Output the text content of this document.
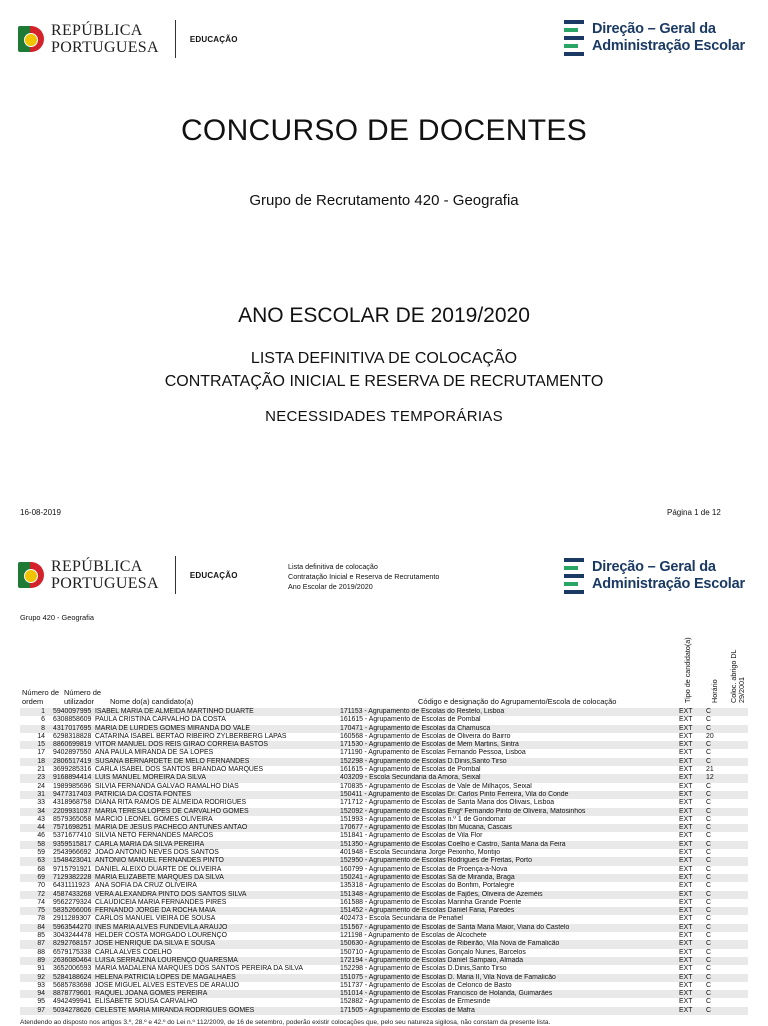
REPÚBLICA
PORTUGUESA	EDUCAÇÃO
Direção – Geral da
Administração Escolar
CONCURSO DE DOCENTES
Grupo de Recrutamento 420 - Geografia
ANO ESCOLAR DE 2019/2020
LISTA DEFINITIVA DE COLOCAÇÃO
CONTRATAÇÃO INICIAL E RESERVA DE RECRUTAMENTO
NECESSIDADES TEMPORÁRIAS
16-08-2019	Página 1 de 12
REPÚBLICA
PORTUGUESA	EDUCAÇÃO
Lista definitiva de colocação
Contratação Inicial e Reserva de Recrutamento
Ano Escolar de 2019/2020
Direção – Geral da
Administração Escolar
Grupo 420 - Geografia
Número de ordem
Número de utilizador	Nome do(a) candidato(a)	Código e designação do Agrupamento/Escola de colocação	Tipo de candidato(a)	Horário Coloc. abrigo DL 29/2001
1	5940097995	ISABEL MARIA DE ALMEIDA MARTINHO DUARTE	171153 - Agrupamento de Escolas do Restelo, Lisboa	EXT	C	
6	6308858609	PAULA CRISTINA CARVALHO DA COSTA	161615 - Agrupamento de Escolas de Pombal	EXT	C	
8	4317017695	MARIA DE LURDES GOMES MIRANDA DO VALE	170471 - Agrupamento de Escolas da Chamusca	EXT	C	
14	6298318828	CATARINA ISABEL BERTÃO RIBEIRO ZYLBERBERG LAPAS	160568 - Agrupamento de Escolas de Oliveira do Bairro	EXT	20	
15	8860699819	VITOR MANUEL DOS REIS GIRÃO CORREIA BASTOS	171530 - Agrupamento de Escolas de Mem Martins, Sintra	EXT	C	
17	9402897550	ANA PAULA MIRANDA DE SÁ LOPES	171190 - Agrupamento de Escolas Fernando Pessoa, Lisboa	EXT	C	
18	2806517419	SUSANA BERNARDETE DE MELO FERNANDES	152298 - Agrupamento de Escolas D.Dinis,Santo Tirso	EXT	C	
21	3699285316	CARLA ISABEL DOS SANTOS BRANDÃO MARQUES	161615 - Agrupamento de Escolas de Pombal	EXT	21	
23	9168894414	LUÍS MANUEL MOREIRA DA SILVA	403209 - Escola Secundária da Amora, Seixal	EXT	12	
24	1989985696	SILVIA FERNANDA GALVÃO RAMALHO DIAS	170835 - Agrupamento de Escolas de Vale de Milhaços, Seixal	EXT	C	
31	9477317403	PATRICIA DA COSTA FONTES	150411 - Agrupamento de Escolas Dr. Carlos Pinto Ferreira, Vila do Conde	EXT	C	
33	4318968758	DIANA RITA RAMOS DE ALMEIDA RODRIGUES	171712 - Agrupamento de Escolas de Santa Maria dos Olivais, Lisboa	EXT	C	
34	2209931037	MARIA TERESA LOPES DE CARVALHO GOMES	152092 - Agrupamento de Escolas Engº Fernando Pinto de Oliveira, Matosinhos	EXT	C	
43	8579365058	MÁRCIO LEONEL GOMES OLIVEIRA	151993 - Agrupamento de Escolas n.º 1 de Gondomar	EXT	C	
44	7571698251	MARIA DE JESUS PACHECO ANTUNES ANTÃO	170677 - Agrupamento de Escolas Ibn Mucana, Cascais	EXT	C	
46	5371677410	SILVIA NETO FERNANDES MARCOS	151841 - Agrupamento de Escolas de Vila Flor	EXT	C	
58	9359515817	CARLA MARIA DA SILVA PEREIRA	151350 - Agrupamento de Escolas Coelho e Castro, Santa Maria da Feira	EXT	C	
59	2543966692	JOÃO ANTONIO NEVES DOS SANTOS	401948 - Escola Secundária Jorge Peixinho, Montijo	EXT	C	
63	1548423041	ANTONIO MANUEL FERNANDES PINTO	152950 - Agrupamento de Escolas Rodrigues de Freitas, Porto	EXT	C	
68	9715791921	DANIEL ALEIXO DUARTE DE OLIVEIRA	160799 - Agrupamento de Escolas de Proença-a-Nova	EXT	C	
69	7129382228	MARIA ELIZABETE MARQUES DA SILVA	150241 - Agrupamento de Escolas Sá de Miranda, Braga	EXT	C	
70	6431111923	ANA SOFIA DA CRUZ OLIVEIRA	135318 - Agrupamento de Escolas do Bonfim, Portalegre	EXT	C	
72	4587433268	VERA ALEXANDRA PINTO DOS SANTOS SILVA	151348 - Agrupamento de Escolas de Fajões, Oliveira de Azeméis	EXT	C	
74	9562279324	CLAUDICÉIA MARIA FERNANDES PIRES	161588 - Agrupamento de Escolas Marinha Grande Poente	EXT	C	
75	5835266006	FERNANDO JORGE DA ROCHA MAIA	151452 - Agrupamento de Escolas Daniel Faria, Paredes	EXT	C	
78	2911289307	CARLOS MANUEL VIEIRA DE SOUSA	402473 - Escola Secundária de Penafiel	EXT	C	
84	5963544270	INÊS MARIA ALVES FUNDEVILA ARAUJO	151567 - Agrupamento de Escolas de Santa Maria Maior, Viana do Castelo	EXT	C	
85	3043244478	HELDER COSTA MORGADO LOURENÇO	121198 - Agrupamento de Escolas de Alcochete	EXT	C	
87	8292768157	JOSÉ HENRIQUE DA SILVA E SOUSA	150630 - Agrupamento de Escolas de Ribeirão, Vila Nova de Famalicão	EXT	C	
88	6579175338	CARLA ALVES COELHO	150710 - Agrupamento de Escolas Gonçalo Nunes, Barcelos	EXT	C	
89	2636080464	LUISA SERRAZINA LOURENÇO QUARESMA	172194 - Agrupamento de Escolas Daniel Sampaio, Almada	EXT	C	
91	3652006593	MARIA MADALENA MARQUES DOS SANTOS PEREIRA DA SILVA	152298 - Agrupamento de Escolas D.Dinis,Santo Tirso	EXT	C	
92	5284188624	HELENA PATRICIA LOPES DE MAGALHÃES	151075 - Agrupamento de Escolas D. Maria II, Vila Nova de Famalicão	EXT	C	
93	5685783698	JOSÉ MIGUEL ALVES ESTEVES DE ARAÚJO	151737 - Agrupamento de Escolas de Celorico de Basto	EXT	C	
94	8878779601	RAQUEL JOANA GOMES PEREIRA	151014 - Agrupamento de Escolas Francisco de Holanda, Guimarães	EXT	C	
95	4942499941	ELISABETE SOUSA CARVALHO	152882 - Agrupamento de Escolas de Ermesinde	EXT	C	
97	5034278626	CELESTE MARIA MIRANDA RODRIGUES GOMES	171505 - Agrupamento de Escolas de Mafra	EXT	C	
Atendendo ao disposto nos artigos 3.º, 28.º e 42.º do Lei n.º 112/2009, de 16 de setembro, poderão existir colocações que, pelo seu natureza sigilosa, não constam da presente lista.
